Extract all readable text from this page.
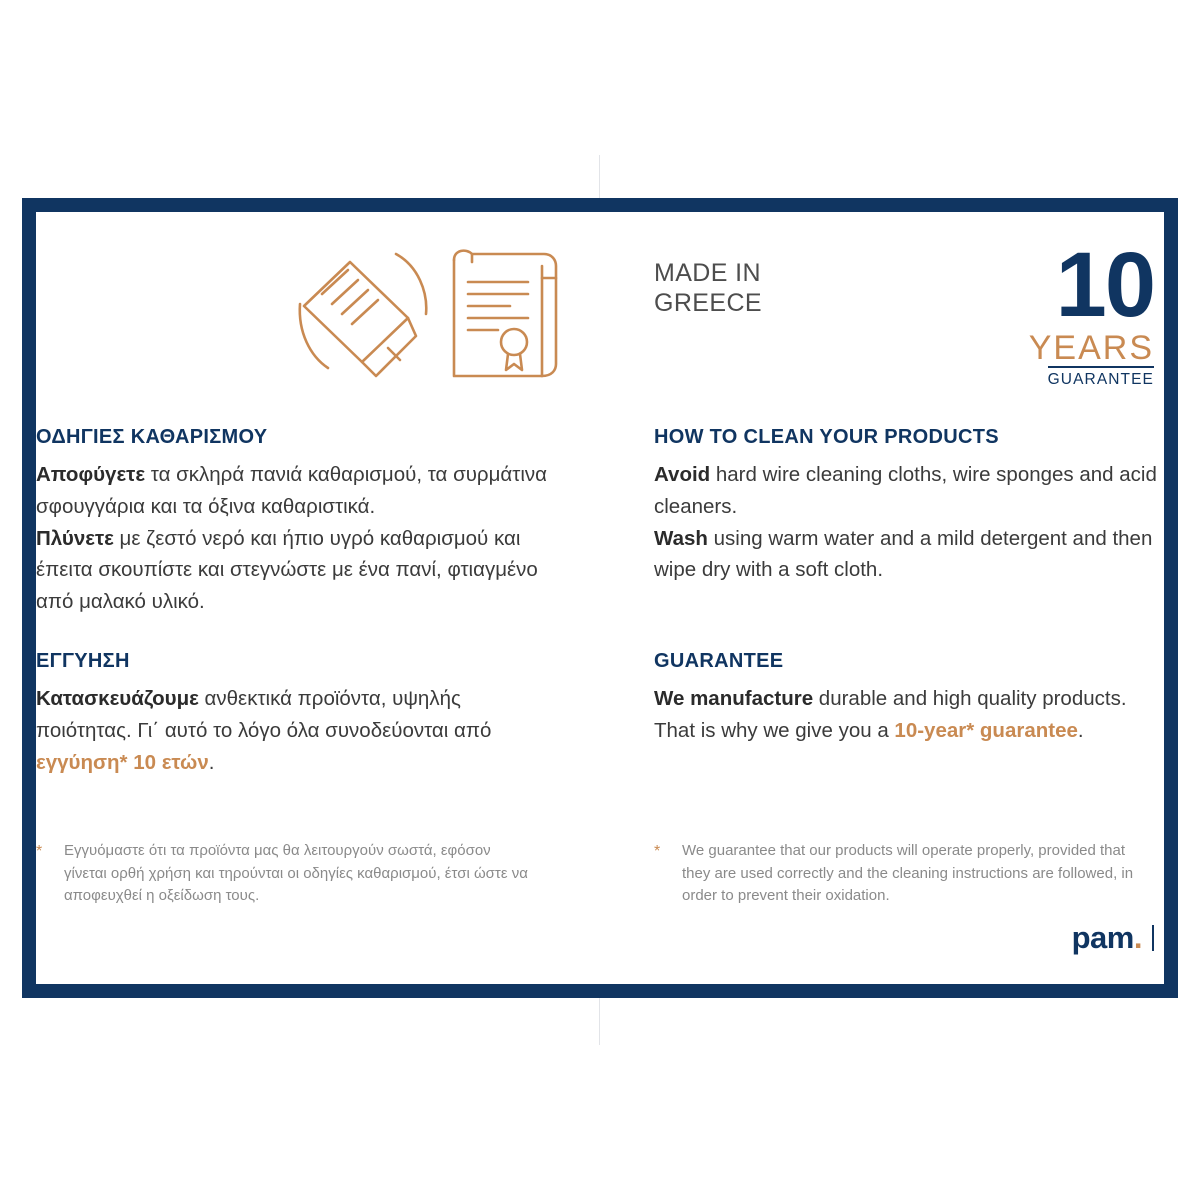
ΟΔΗΓΙΕΣ ΚΑΘΑΡΙΣΜΟΥ
Αποφύγετε τα σκληρά πανιά καθαρισμού, τα συρμάτινα σφουγγάρια και τα όξινα καθαριστικά.
Πλύνετε με ζεστό νερό και ήπιο υγρό καθαρισμού και έπειτα σκουπίστε και στεγνώστε με ένα πανί, φτιαγμένο από μαλακό υλικό.
ΕΓΓΥΗΣΗ
Κατασκευάζουμε ανθεκτικά προϊόντα, υψηλής ποιότητας. Γι΄ αυτό το λόγο όλα συνοδεύονται από εγγύηση* 10 ετών.
* Εγγυόμαστε ότι τα προϊόντα μας θα λειτουργούν σωστά, εφόσον γίνεται ορθή χρήση και τηρούνται οι οδηγίες καθαρισμού, έτσι ώστε να αποφευχθεί η οξείδωση τους.
MADE IN
GREECE	10
YEARS
GUARANTEE
HOW TO CLEAN YOUR PRODUCTS
Avoid hard wire cleaning cloths, wire sponges and acid cleaners.
Wash using warm water and a mild detergent and then wipe dry with a soft cloth.
GUARANTEE
We manufacture durable and high quality products. That is why we give you a 10-year* guarantee.
* We guarantee that our products will operate properly, provided that they are used correctly and the cleaning instructions are followed, in order to prevent their oxidation.
pam.
